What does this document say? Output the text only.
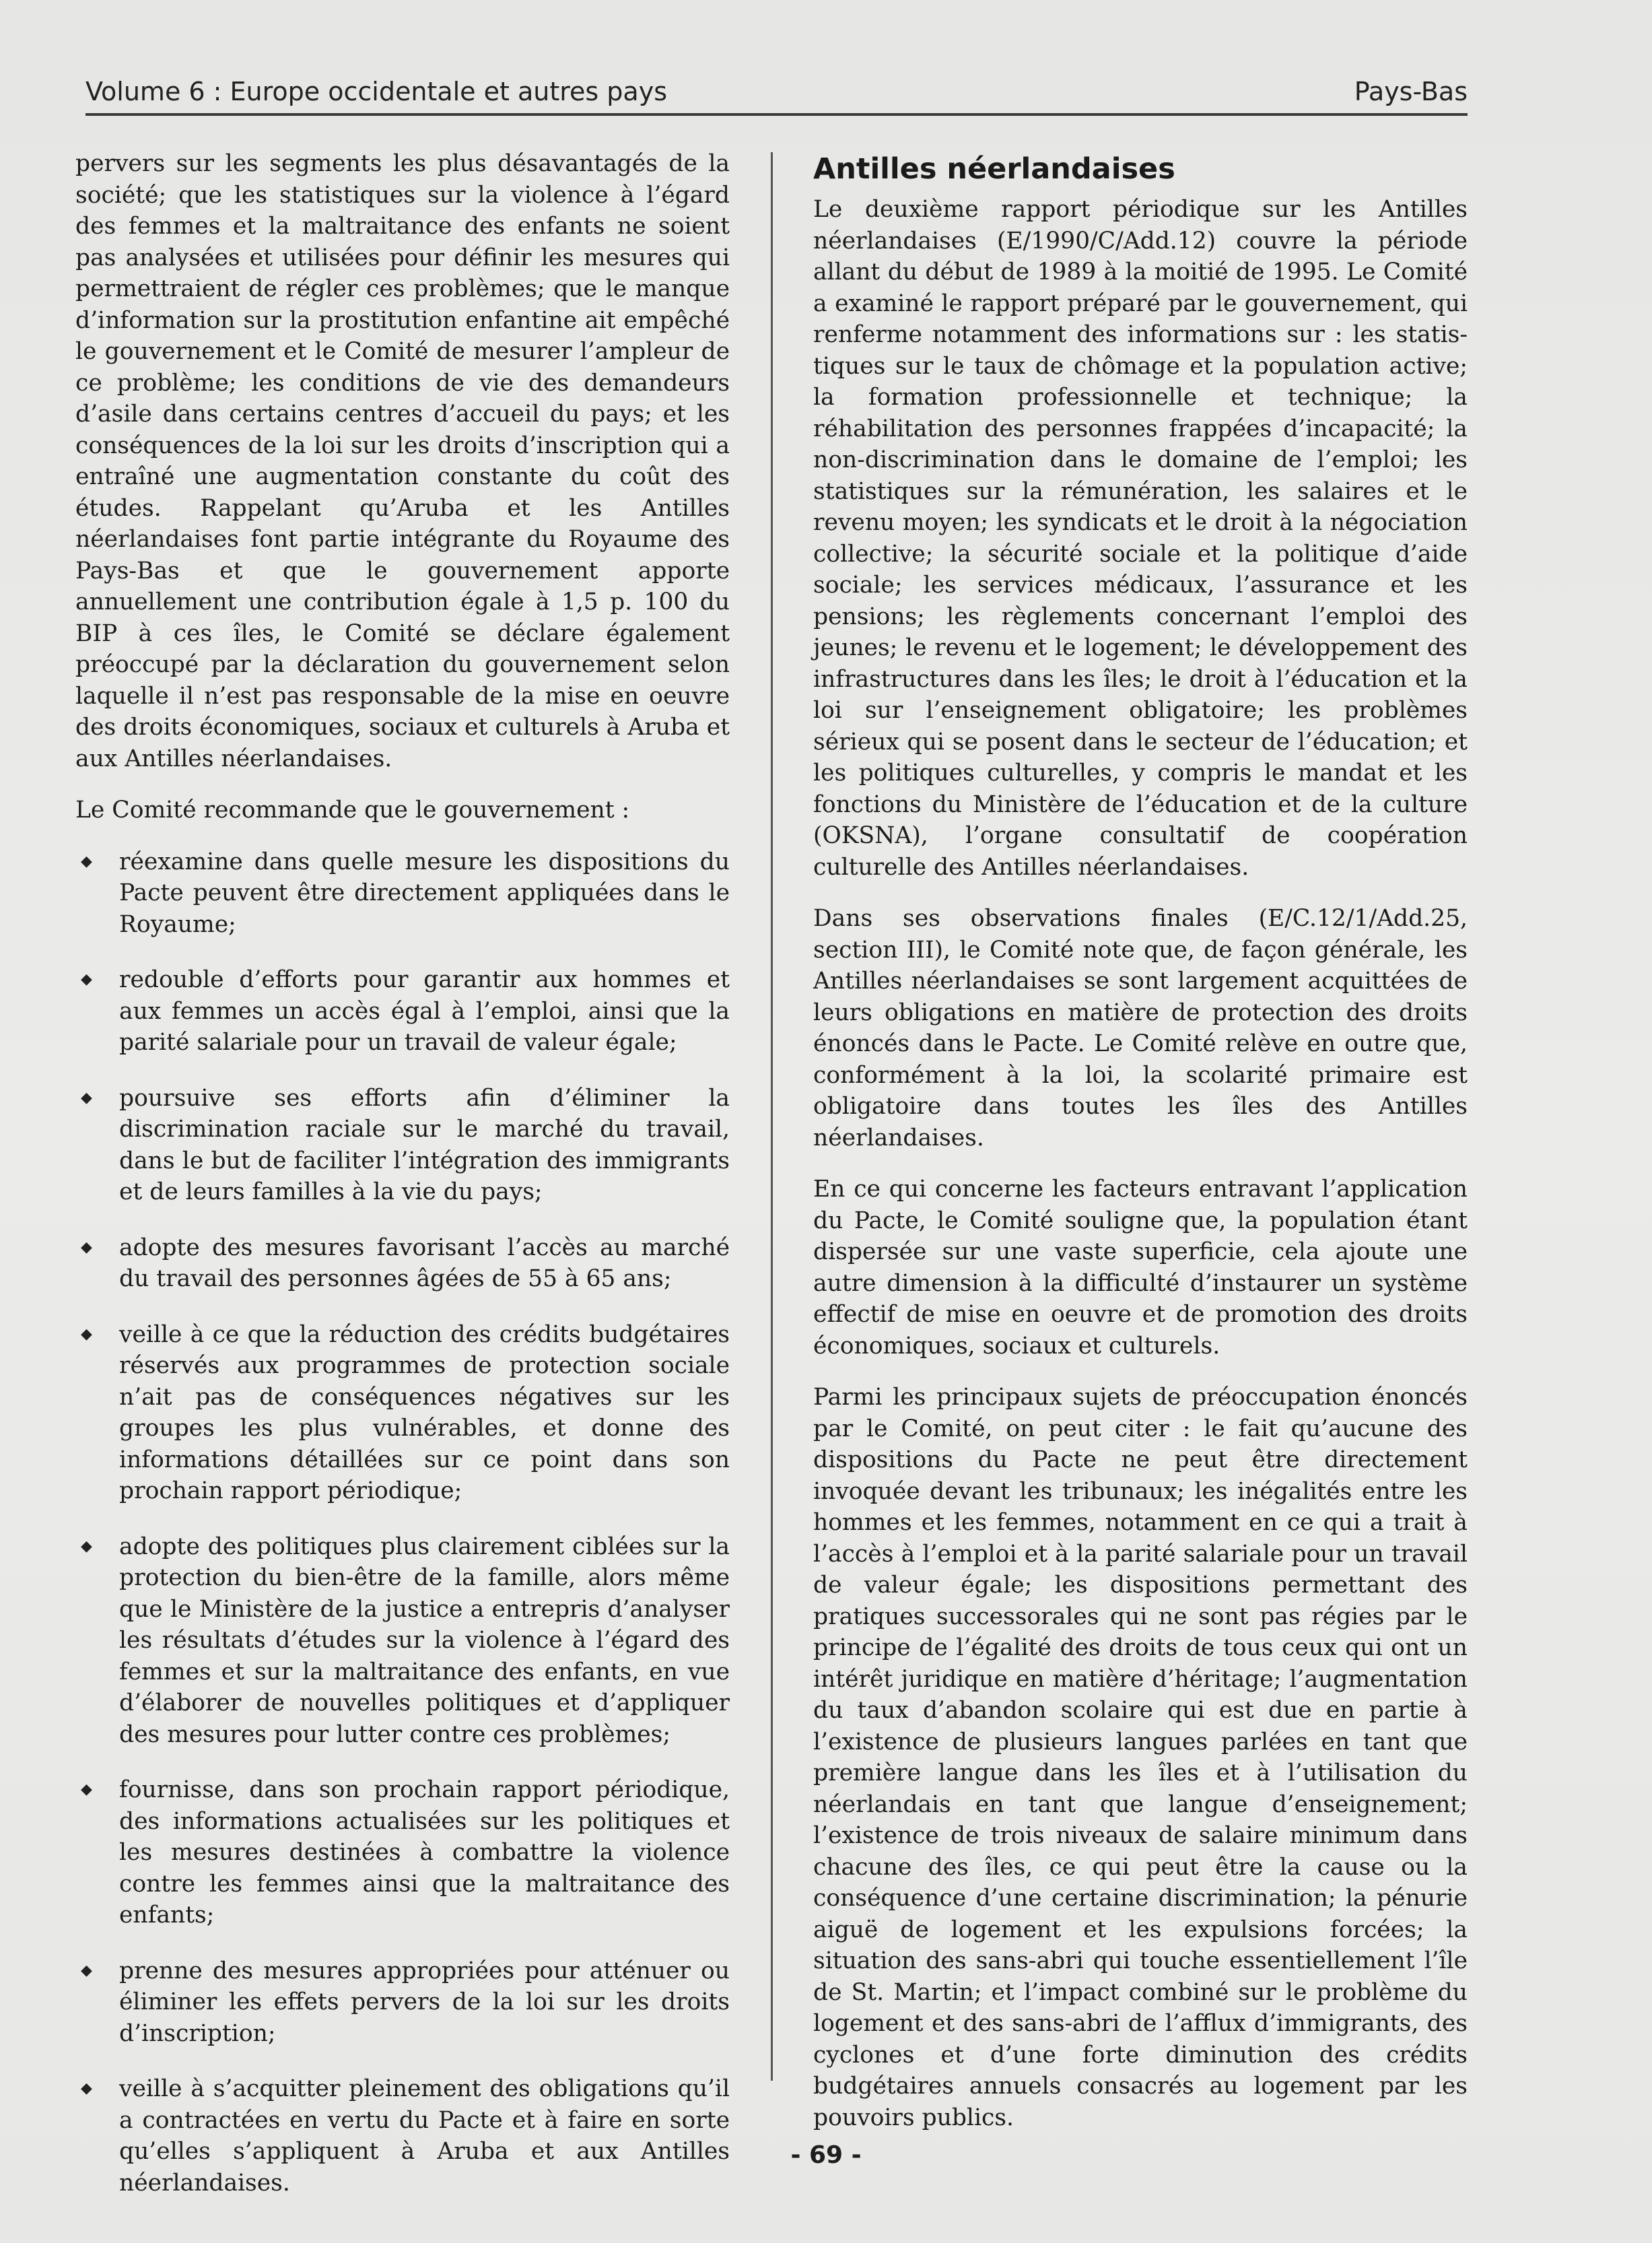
Volume 6 : Europe occidentale et autres pays	Pays-Bas

pervers sur les segments les plus désavantagés de la société; que les statistiques sur la violence à l’égard des femmes et la maltraitance des enfants ne soient pas analysées et utilisées pour définir les mesures qui permettraient de régler ces problèmes; que le manque d’information sur la prostitution enfantine ait empêché le gouvernement et le Comité de mesurer l’ampleur de ce problème; les conditions de vie des demandeurs d’asile dans certains centres d’accueil du pays; et les conséquences de la loi sur les droits d’inscription qui a entraîné une augmentation constante du coût des études. Rappelant qu’Aruba et les Antilles néerlandaises font partie intégrante du Royaume des Pays-Bas et que le gouvernement apporte annuellement une contribution égale à 1,5 p. 100 du BIP à ces îles, le Comité se déclare également préoccupé par la déclaration du gouvernement selon laquelle il n’est pas responsable de la mise en oeuvre des droits économiques, sociaux et culturels à Aruba et aux Antilles néerlandaises.

Le Comité recommande que le gouvernement :

◆ réexamine dans quelle mesure les dispositions du Pacte peuvent être directement appliquées dans le Royaume;
◆ redouble d’efforts pour garantir aux hommes et aux femmes un accès égal à l’emploi, ainsi que la parité salariale pour un travail de valeur égale;
◆ poursuive ses efforts afin d’éliminer la discrimination raciale sur le marché du travail, dans le but de faciliter l’intégration des immigrants et de leurs familles à la vie du pays;
◆ adopte des mesures favorisant l’accès au marché du travail des personnes âgées de 55 à 65 ans;
◆ veille à ce que la réduction des crédits budgétaires réservés aux programmes de protection sociale n’ait pas de conséquences négatives sur les groupes les plus vulnérables, et donne des informations détaillées sur ce point dans son prochain rapport périodique;
◆ adopte des politiques plus clairement ciblées sur la protection du bien-être de la famille, alors même que le Ministère de la justice a entrepris d’analyser les résultats d’études sur la violence à l’égard des femmes et sur la maltraitance des enfants, en vue d’élaborer de nouvelles politiques et d’appliquer des mesures pour lutter contre ces problèmes;
◆ fournisse, dans son prochain rapport périodique, des informations actualisées sur les politiques et les mesures destinées à combattre la violence contre les femmes ainsi que la maltraitance des enfants;
◆ prenne des mesures appropriées pour atténuer ou éliminer les effets pervers de la loi sur les droits d’inscription;
◆ veille à s’acquitter pleinement des obligations qu’il a contractées en vertu du Pacte et à faire en sorte qu’elles s’appliquent à Aruba et aux Antilles néerlandaises.
Antilles néerlandaises

Le deuxième rapport périodique sur les Antilles néerlandaises (E/1990/C/Add.12) couvre la période allant du début de 1989 à la moitié de 1995. Le Comité a examiné le rapport préparé par le gouvernement, qui renferme notamment des informations sur : les statistiques sur le taux de chômage et la population active; la formation professionnelle et technique; la réhabilitation des personnes frappées d’incapacité; la non-discrimination dans le domaine de l’emploi; les statistiques sur la rémunération, les salaires et le revenu moyen; les syndicats et le droit à la négociation collective; la sécurité sociale et la politique d’aide sociale; les services médicaux, l’assurance et les pensions; les règlements concernant l’emploi des jeunes; le revenu et le logement; le développement des infrastructures dans les îles; le droit à l’éducation et la loi sur l’enseignement obligatoire; les problèmes sérieux qui se posent dans le secteur de l’éducation; et les politiques culturelles, y compris le mandat et les fonctions du Ministère de l’éducation et de la culture (OKSNA), l’organe consultatif de coopération culturelle des Antilles néerlandaises.

Dans ses observations finales (E/C.12/1/Add.25, section III), le Comité note que, de façon générale, les Antilles néerlandaises se sont largement acquittées de leurs obligations en matière de protection des droits énoncés dans le Pacte. Le Comité relève en outre que, conformément à la loi, la scolarité primaire est obligatoire dans toutes les îles des Antilles néerlandaises.

En ce qui concerne les facteurs entravant l’application du Pacte, le Comité souligne que, la population étant dispersée sur une vaste superficie, cela ajoute une autre dimension à la difficulté d’instaurer un système effectif de mise en oeuvre et de promotion des droits économiques, sociaux et culturels.

Parmi les principaux sujets de préoccupation énoncés par le Comité, on peut citer : le fait qu’aucune des dispositions du Pacte ne peut être directement invoquée devant les tribunaux; les inégalités entre les hommes et les femmes, notamment en ce qui a trait à l’accès à l’emploi et à la parité salariale pour un travail de valeur égale; les dispositions permettant des pratiques successorales qui ne sont pas régies par le principe de l’égalité des droits de tous ceux qui ont un intérêt juridique en matière d’héritage; l’augmentation du taux d’abandon scolaire qui est due en partie à l’existence de plusieurs langues parlées en tant que première langue dans les îles et à l’utilisation du néerlandais en tant que langue d’enseignement; l’existence de trois niveaux de salaire minimum dans chacune des îles, ce qui peut être la cause ou la conséquence d’une certaine discrimination; la pénurie aiguë de logement et les expulsions forcées; la situation des sans-abri qui touche essentiellement l’île de St. Martin; et l’impact combiné sur le problème du logement et des sans-abri de l’afflux d’immigrants, des cyclones et d’une forte diminution des crédits budgétaires annuels consacrés au logement par les pouvoirs publics.

- 69 -
